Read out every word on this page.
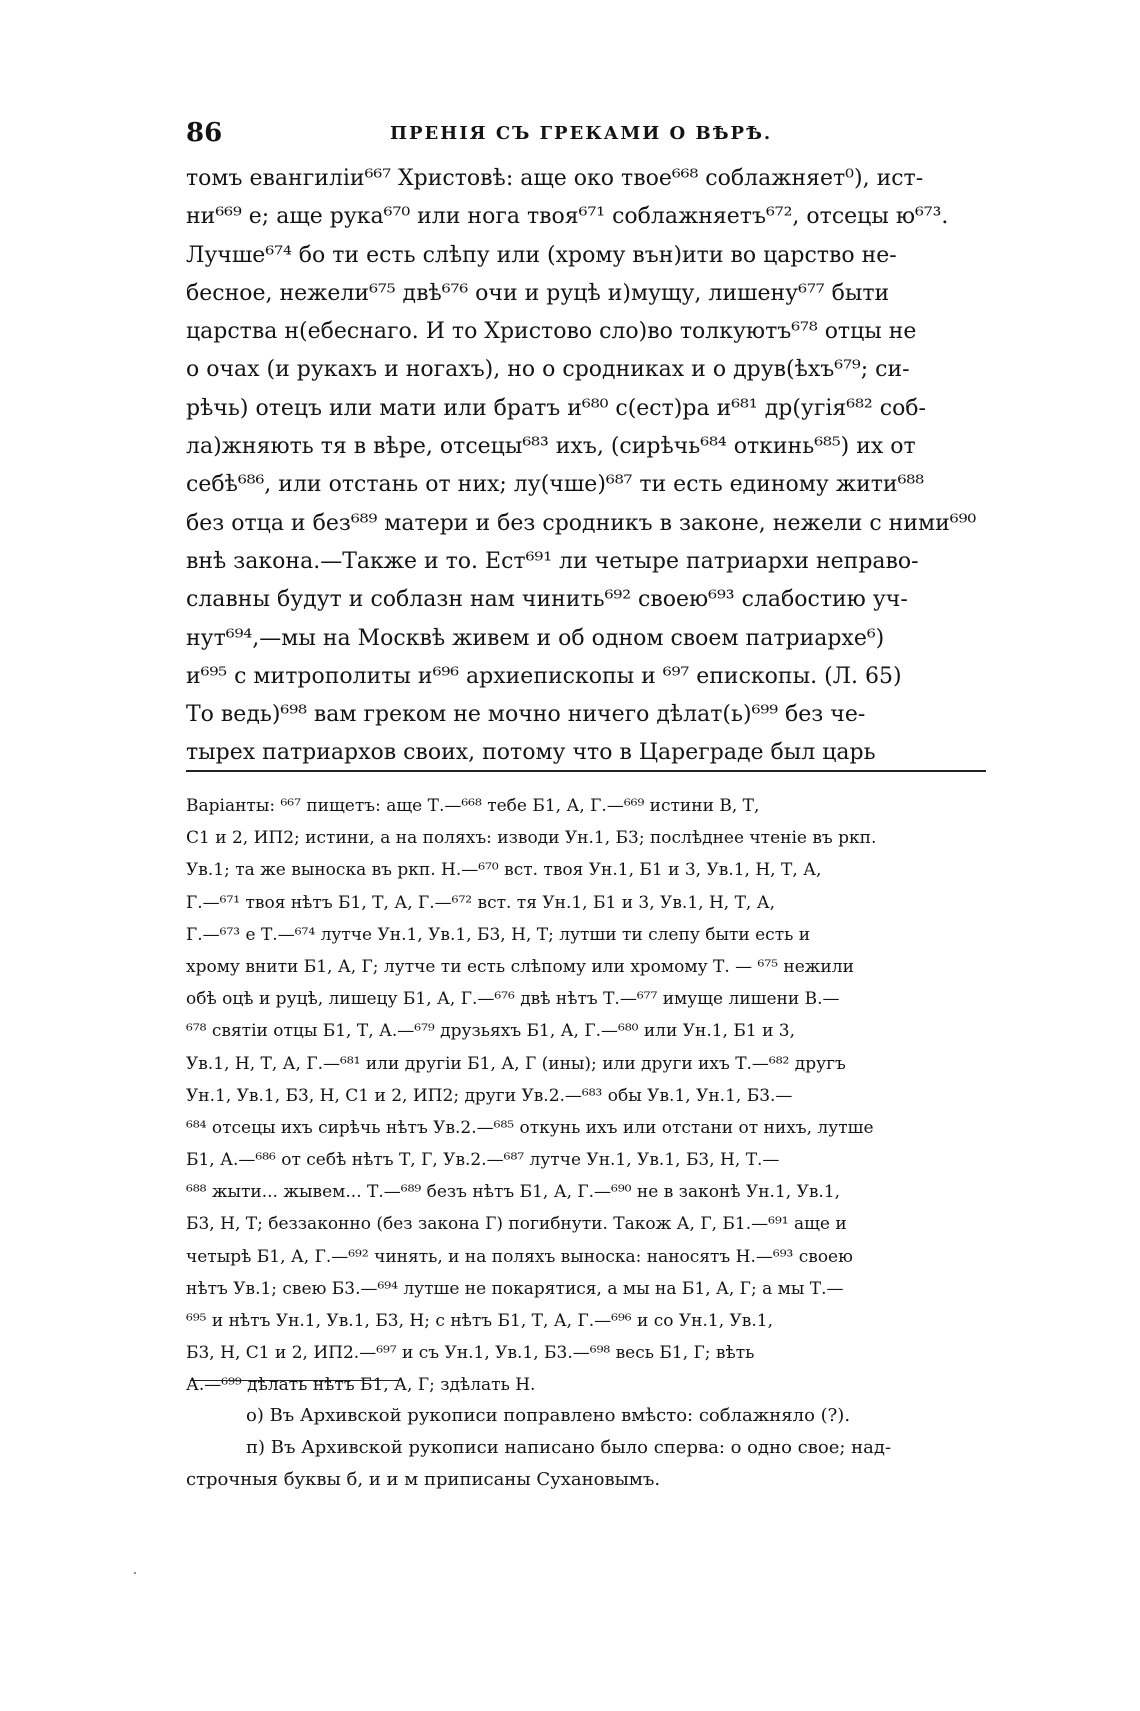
86	ПРЕНІЯ СЪ ГРЕКАМИ О ВѢРѢ.
томъ евангиліи⁶⁶⁷ Христовѣ: аще око твое⁶⁶⁸ соблажняет⁰), ист-
ни⁶⁶⁹ е; аще рука⁶⁷⁰ или нога твоя⁶⁷¹ соблажняетъ⁶⁷², отсецы ю⁶⁷³.
Лучше⁶⁷⁴ бо ти есть слѣпу или (хрому вън)ити во царство не-
бесное, нежели⁶⁷⁵ двѣ⁶⁷⁶ очи и руцѣ и)мущу, лишену⁶⁷⁷ быти
царства н(ебеснаго. И то Христово сло)во толкуютъ⁶⁷⁸ отцы не
о очах (и рукахъ и ногахъ), но о сродниках и о друв(ѣхъ⁶⁷⁹; си-
рѣчь) отецъ или мати или братъ и⁶⁸⁰ с(ест)ра и⁶⁸¹ др(угія⁶⁸² соб-
ла)жняють тя в вѣре, отсецы⁶⁸³ ихъ, (сирѣчь⁶⁸⁴ откинь⁶⁸⁵) их от
себѣ⁶⁸⁶, или отстань от них; лу(чше)⁶⁸⁷ ти есть единому жити⁶⁸⁸
без отца и без⁶⁸⁹ матери и без сродникъ в законе, нежели с ними⁶⁹⁰
внѣ закона.—Также и то. Ест⁶⁹¹ ли четыре патриархи неправо-
славны будут и соблазн нам чинить⁶⁹² своею⁶⁹³ слабостию уч-
нут⁶⁹⁴,—мы на Москвѣ живем и об одном своем патриархе⁶)
и⁶⁹⁵ с митрополиты и⁶⁹⁶ архиепископы и ⁶⁹⁷ епископы. (Л. 65)
То ведь)⁶⁹⁸ вам греком не мочно ничего дѣлат(ь)⁶⁹⁹ без че-
тырех патриархов своих, потому что в Цареграде был царь
Варіанты: ⁶⁶⁷ пищетъ: аще Т.—⁶⁶⁸ тебе Б1, А, Г.—⁶⁶⁹ истини В, Т,
С1 и 2, ИП2; истини, а на поляхъ: изводи Ун.1, Б3; послѣднее чтеніе въ ркп.
Ув.1; та же выноска въ ркп. Н.—⁶⁷⁰ вст. твоя Ун.1, Б1 и 3, Ув.1, Н, Т, А,
Г.—⁶⁷¹ твоя нѣтъ Б1, Т, А, Г.—⁶⁷² вст. тя Ун.1, Б1 и 3, Ув.1, Н, Т, А,
Г.—⁶⁷³ е Т.—⁶⁷⁴ лутче Ун.1, Ув.1, Б3, Н, Т; лутши ти слепу быти есть и
хрому внити Б1, А, Г; лутче ти есть слѣпому или хромому Т. — ⁶⁷⁵ нежили
обѣ оцѣ и руцѣ, лишецу Б1, А, Г.—⁶⁷⁶ двѣ нѣтъ Т.—⁶⁷⁷ имуще лишени В.—
⁶⁷⁸ святіи отцы Б1, Т, А.—⁶⁷⁹ друзьяхъ Б1, А, Г.—⁶⁸⁰ или Ун.1, Б1 и 3,
Ув.1, Н, Т, А, Г.—⁶⁸¹ или другіи Б1, А, Г (ины); или други ихъ Т.—⁶⁸² другъ
Ун.1, Ув.1, Б3, Н, С1 и 2, ИП2; други Ув.2.—⁶⁸³ обы Ув.1, Ун.1, Б3.—
⁶⁸⁴ отсецы ихъ сирѣчь нѣтъ Ув.2.—⁶⁸⁵ откунь ихъ или отстани от нихъ, лутше
Б1, А.—⁶⁸⁶ от себѣ нѣтъ Т, Г, Ув.2.—⁶⁸⁷ лутче Ун.1, Ув.1, Б3, Н, Т.—
⁶⁸⁸ жыти... жывем... Т.—⁶⁸⁹ безъ нѣтъ Б1, А, Г.—⁶⁹⁰ не в законѣ Ун.1, Ув.1,
Б3, Н, Т; беззаконно (без закона Г) погибнути. Також А, Г, Б1.—⁶⁹¹ аще и
четырѣ Б1, А, Г.—⁶⁹² чинять, и на поляхъ выноска: наносятъ Н.—⁶⁹³ своею
нѣтъ Ув.1; свею Б3.—⁶⁹⁴ лутше не покарятися, а мы на Б1, А, Г; а мы Т.—
⁶⁹⁵ и нѣтъ Ун.1, Ув.1, Б3, Н; с нѣтъ Б1, Т, А, Г.—⁶⁹⁶ и со Ун.1, Ув.1,
Б3, Н, С1 и 2, ИП2.—⁶⁹⁷ и съ Ун.1, Ув.1, Б3.—⁶⁹⁸ весь Б1, Г; вѣть
А.—⁶⁹⁹ дѣлать нѣтъ Б1, А, Г; здѣлать Н.
о) Въ Архивской рукописи поправлено вмѣсто: соблажняло (?).
п) Въ Архивской рукописи написано было сперва: о одно свое; над-
строчныя буквы б, и и м приписаны Сухановымъ.
